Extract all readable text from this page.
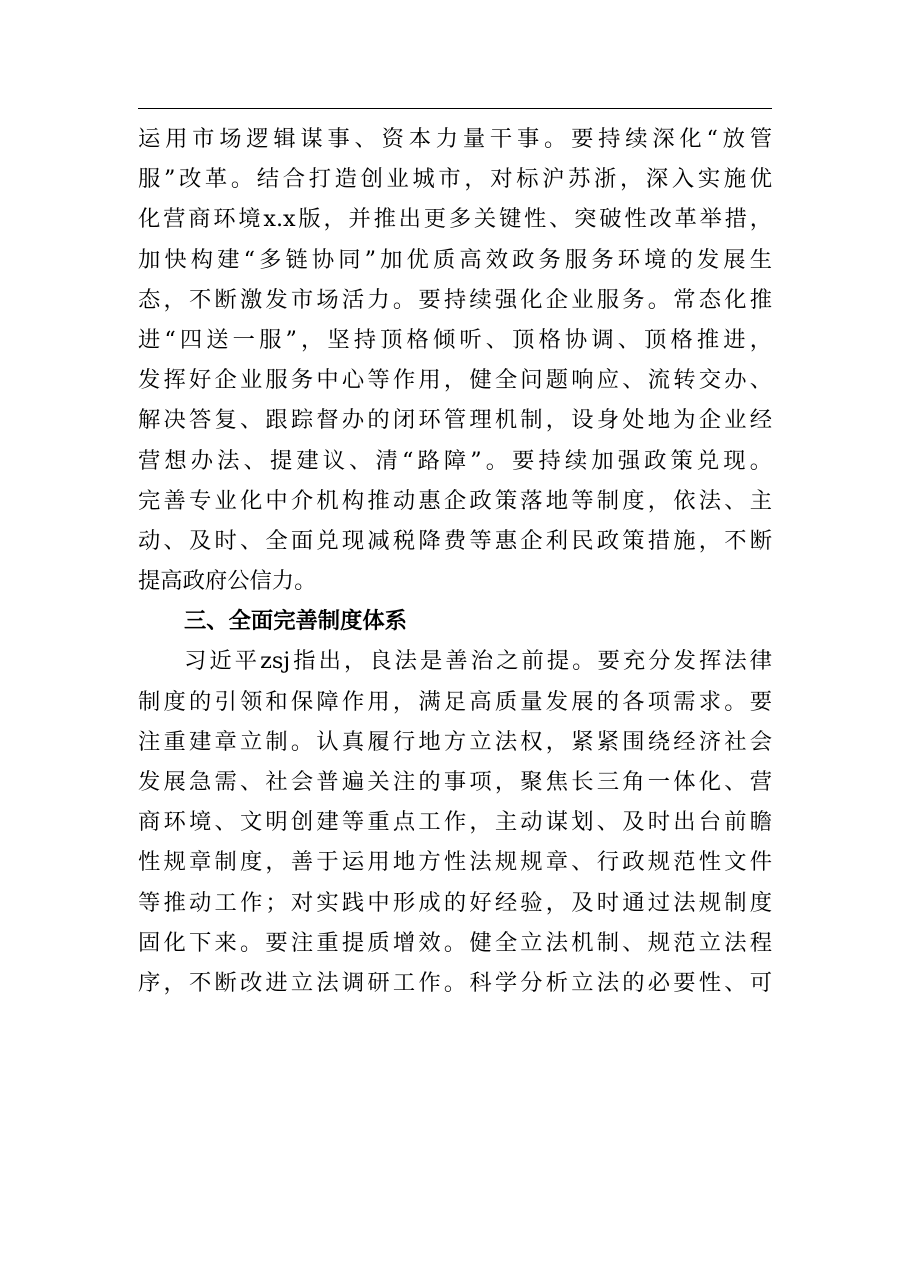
运用市场逻辑谋事、资本力量干事。要持续深化“放管
服”改革。结合打造创业城市，对标沪苏浙，深入实施优
化营商环境x.x版，并推出更多关键性、突破性改革举措，
加快构建“多链协同”加优质高效政务服务环境的发展生
态，不断激发市场活力。要持续强化企业服务。常态化推
进“四送一服”，坚持顶格倾听、顶格协调、顶格推进，
发挥好企业服务中心等作用，健全问题响应、流转交办、
解决答复、跟踪督办的闭环管理机制，设身处地为企业经
营想办法、提建议、清“路障”。要持续加强政策兑现。
完善专业化中介机构推动惠企政策落地等制度，依法、主
动、及时、全面兑现减税降费等惠企利民政策措施，不断
提高政府公信力。
三、全面完善制度体系
习近平zsj指出，良法是善治之前提。要充分发挥法律
制度的引领和保障作用，满足高质量发展的各项需求。要
注重建章立制。认真履行地方立法权，紧紧围绕经济社会
发展急需、社会普遍关注的事项，聚焦长三角一体化、营
商环境、文明创建等重点工作，主动谋划、及时出台前瞻
性规章制度，善于运用地方性法规规章、行政规范性文件
等推动工作；对实践中形成的好经验，及时通过法规制度
固化下来。要注重提质增效。健全立法机制、规范立法程
序，不断改进立法调研工作。科学分析立法的必要性、可
